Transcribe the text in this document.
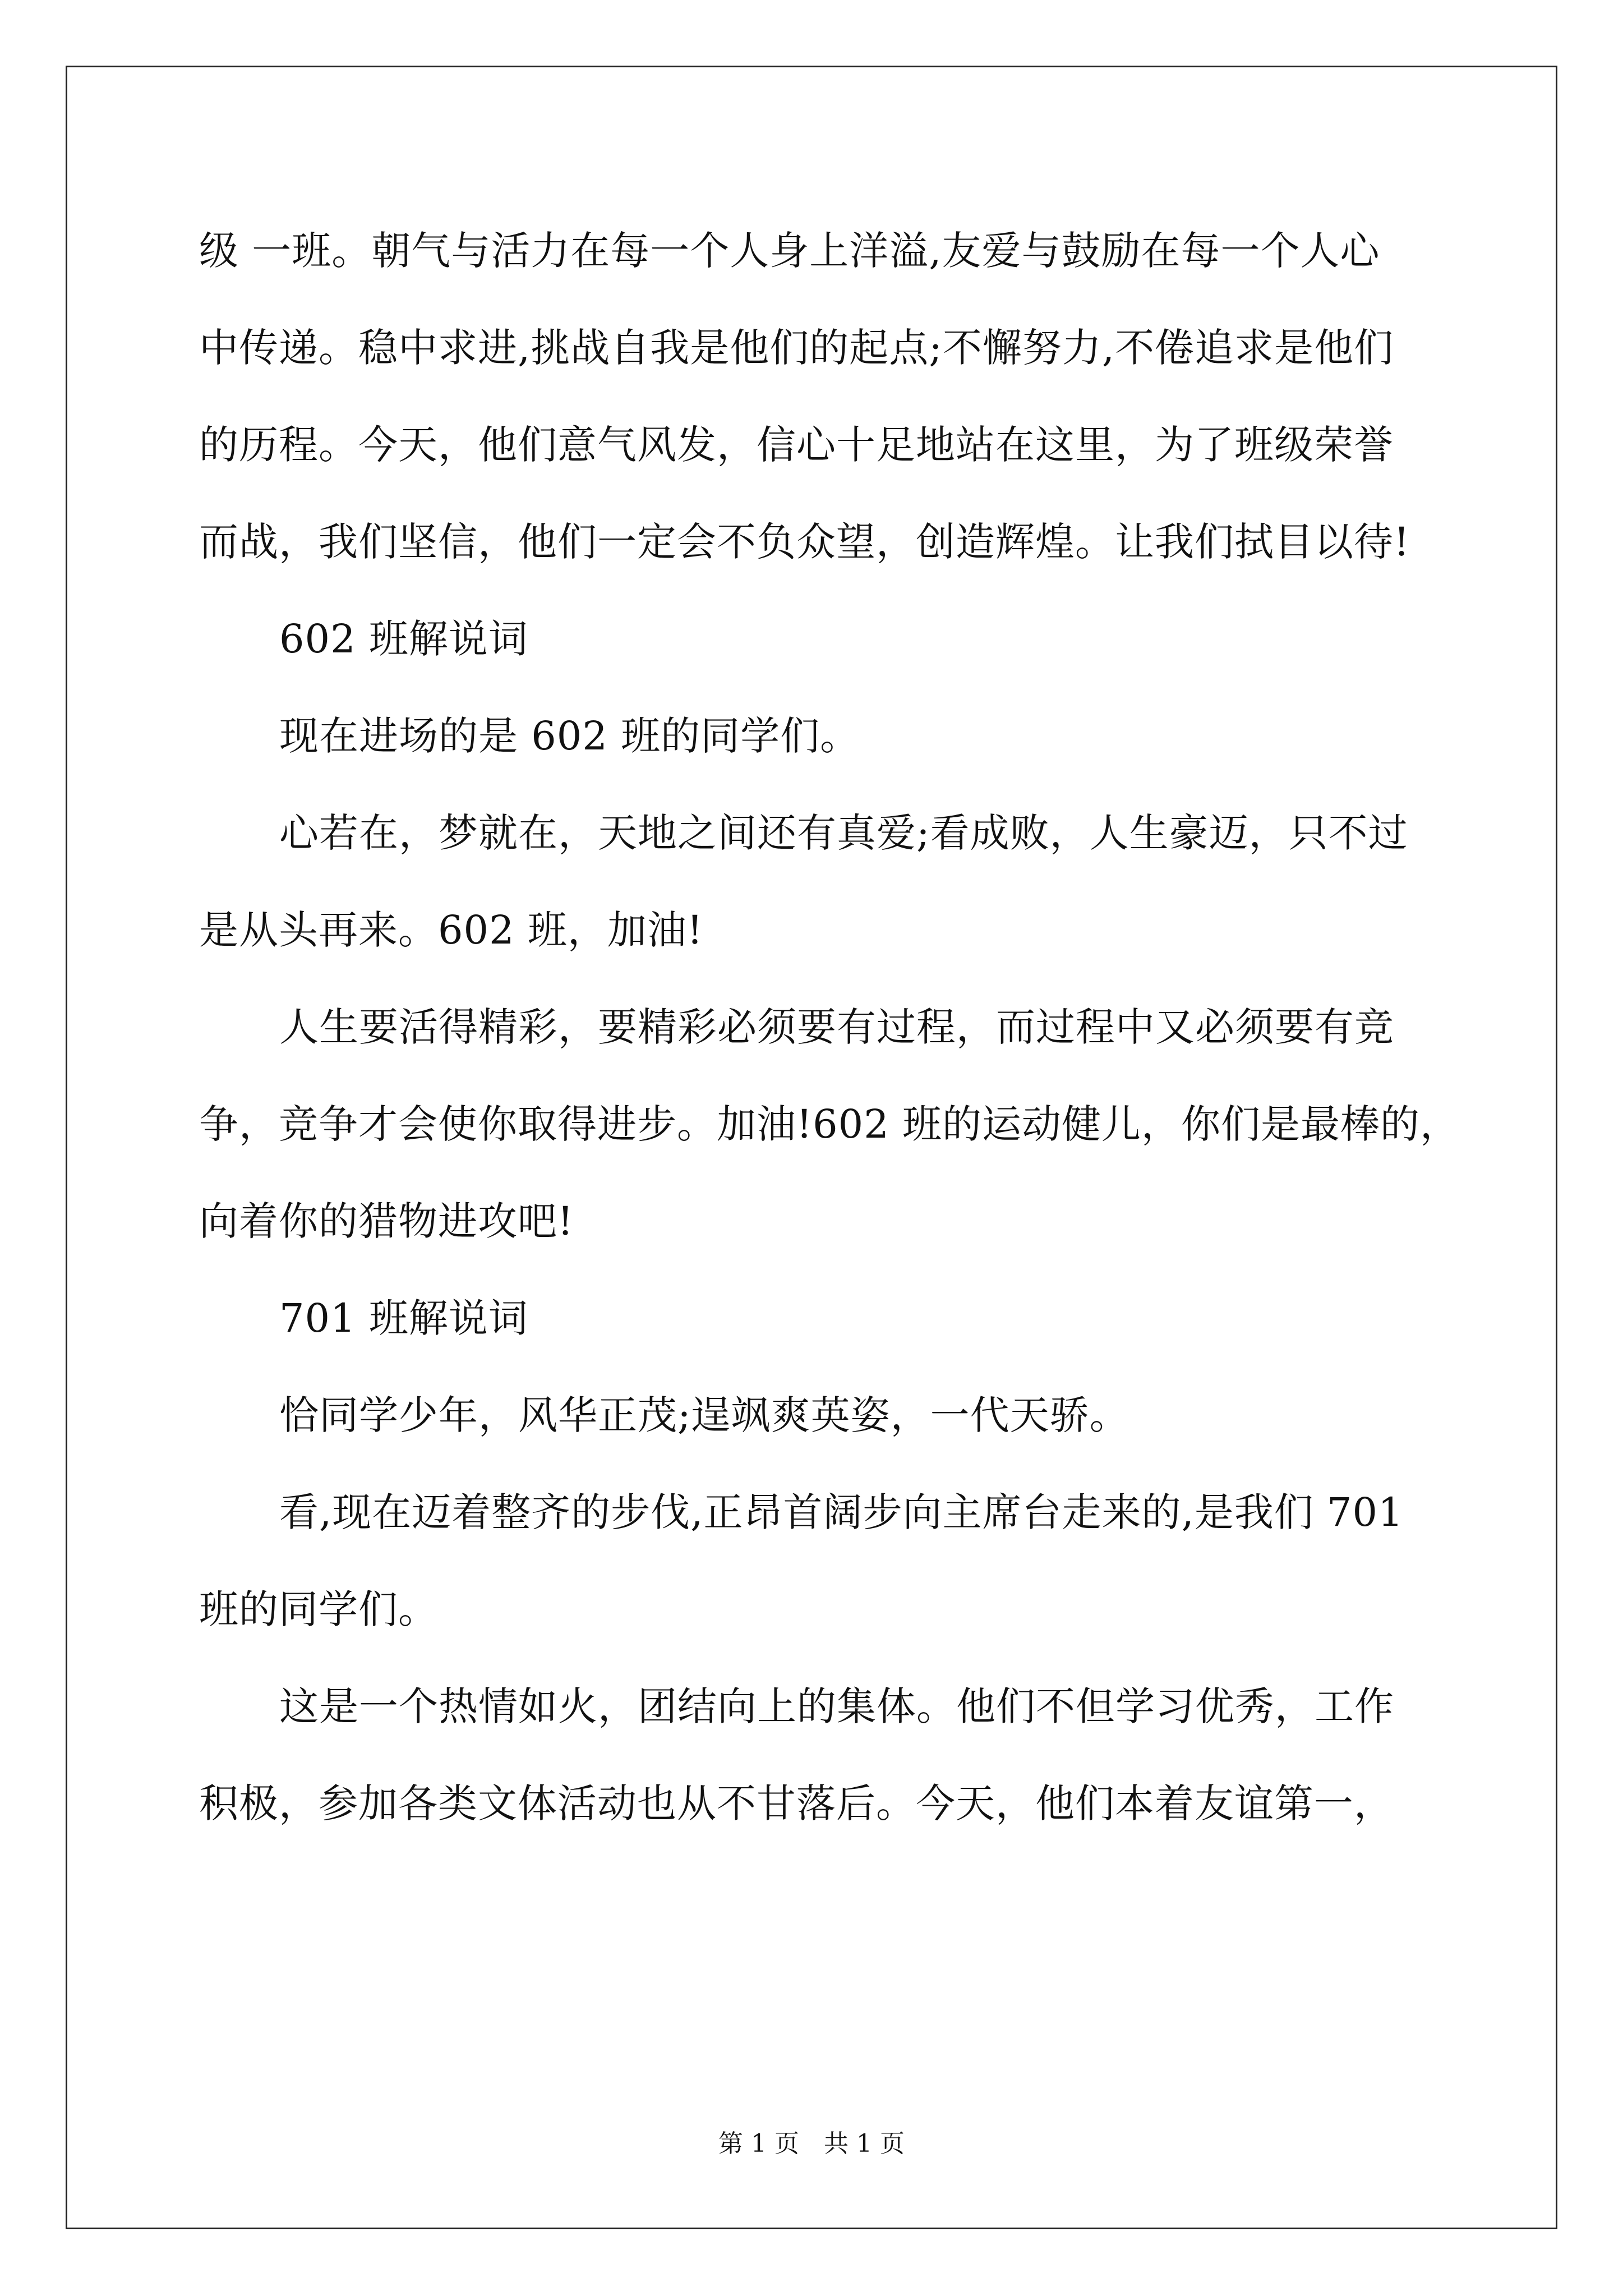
级 一班。朝气与活力在每一个人身上洋溢,友爱与鼓励在每一个人心
中传递。稳中求进,挑战自我是他们的起点;不懈努力,不倦追求是他们
的历程。今天，他们意气风发，信心十足地站在这里，为了班级荣誉
而战，我们坚信，他们一定会不负众望，创造辉煌。让我们拭目以待!
602 班解说词
现在进场的是 602 班的同学们。
心若在，梦就在，天地之间还有真爱;看成败，人生豪迈，只不过
是从头再来。602 班，加油!
人生要活得精彩，要精彩必须要有过程，而过程中又必须要有竞
争，竞争才会使你取得进步。加油!602 班的运动健儿，你们是最棒的，
向着你的猎物进攻吧!
701 班解说词
恰同学少年，风华正茂;逞飒爽英姿，一代天骄。
看,现在迈着整齐的步伐,正昂首阔步向主席台走来的,是我们 701
班的同学们。
这是一个热情如火，团结向上的集体。他们不但学习优秀，工作
积极，参加各类文体活动也从不甘落后。今天，他们本着友谊第一，
第 1 页　共 1 页
